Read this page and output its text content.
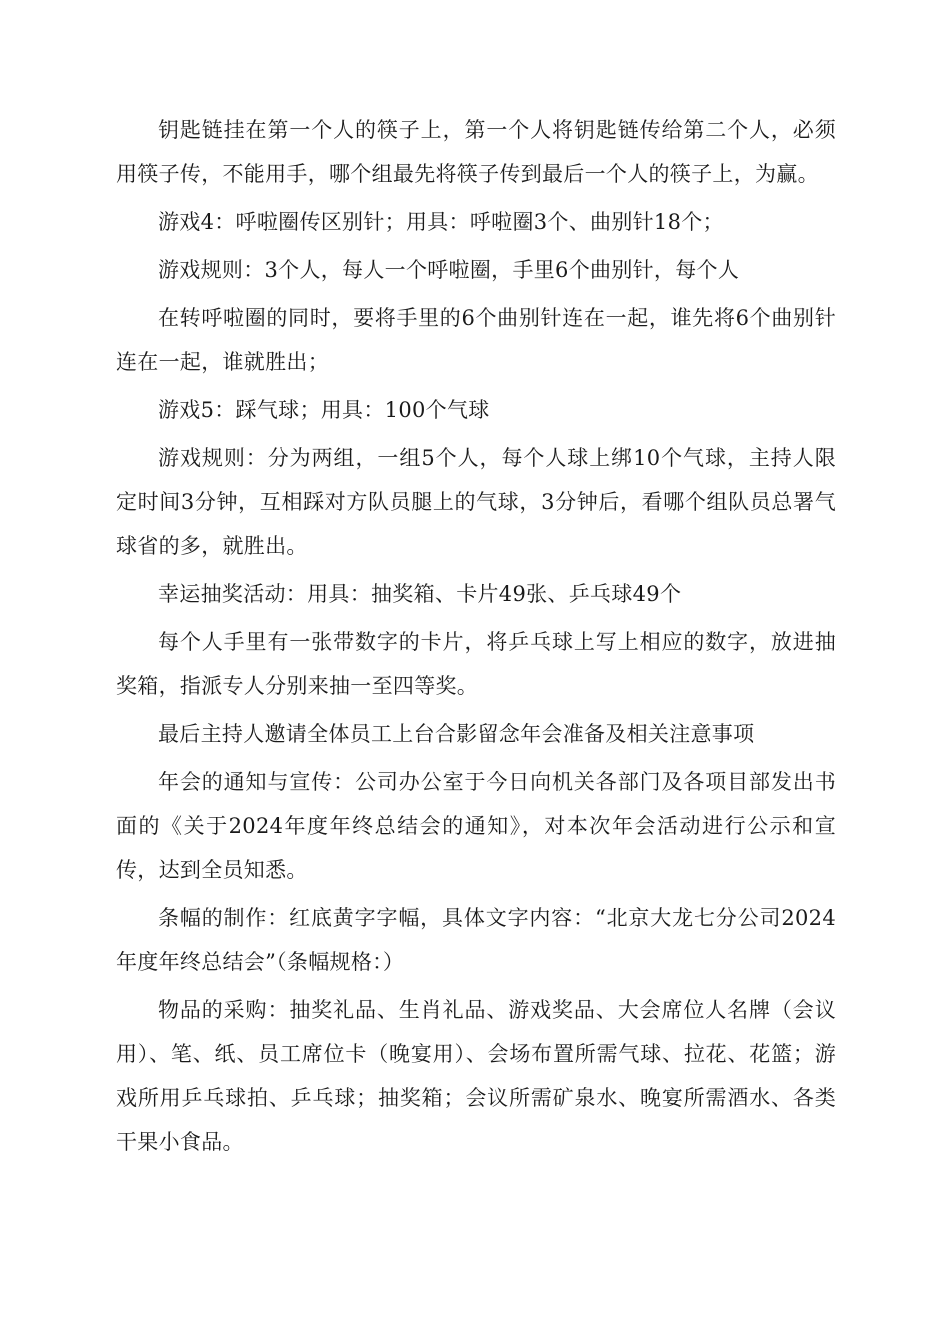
钥匙链挂在第一个人的筷子上，第一个人将钥匙链传给第二个人，必须用筷子传，不能用手，哪个组最先将筷子传到最后一个人的筷子上，为赢。

游戏4：呼啦圈传区别针；用具：呼啦圈3个、曲别针18个；

游戏规则：3个人，每人一个呼啦圈，手里6个曲别针，每个人

在转呼啦圈的同时，要将手里的6个曲别针连在一起，谁先将6个曲别针连在一起，谁就胜出；

游戏5：踩气球；用具：100个气球

游戏规则：分为两组，一组5个人，每个人球上绑10个气球，主持人限定时间3分钟，互相踩对方队员腿上的气球，3分钟后，看哪个组队员总署气球省的多，就胜出。

幸运抽奖活动：用具：抽奖箱、卡片49张、乒乓球49个

每个人手里有一张带数字的卡片，将乒乓球上写上相应的数字，放进抽奖箱，指派专人分别来抽一至四等奖。

最后主持人邀请全体员工上台合影留念年会准备及相关注意事项

年会的通知与宣传：公司办公室于今日向机关各部门及各项目部发出书面的《关于2024年度年终总结会的通知》，对本次年会活动进行公示和宣传，达到全员知悉。

条幅的制作：红底黄字字幅，具体文字内容：“北京大龙七分公司2024年度年终总结会”（条幅规格：）

物品的采购：抽奖礼品、生肖礼品、游戏奖品、大会席位人名牌（会议用）、笔、纸、员工席位卡（晚宴用）、会场布置所需气球、拉花、花篮；游戏所用乒乓球拍、乒乓球；抽奖箱；会议所需矿泉水、晚宴所需酒水、各类干果小食品。
